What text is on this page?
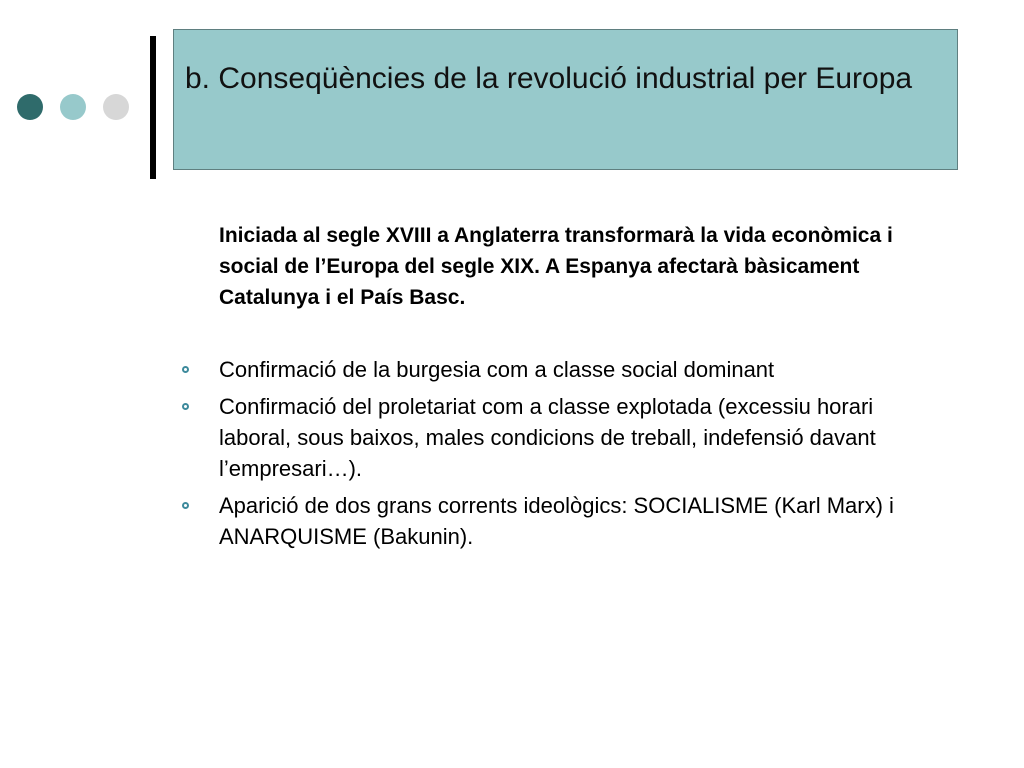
b. Conseqüències de la revolució industrial per Europa

Iniciada al segle XVIII a Anglaterra transformarà la vida econòmica i social de l’Europa del segle XIX. A Espanya afectarà bàsicament Catalunya i el País Basc.

Confirmació de la burgesia com a classe social dominant
Confirmació del proletariat com a classe explotada (excessiu horari laboral, sous baixos, males condicions de treball, indefensió davant l’empresari…).
Aparició de dos grans corrents ideològics: SOCIALISME (Karl Marx) i ANARQUISME (Bakunin).
